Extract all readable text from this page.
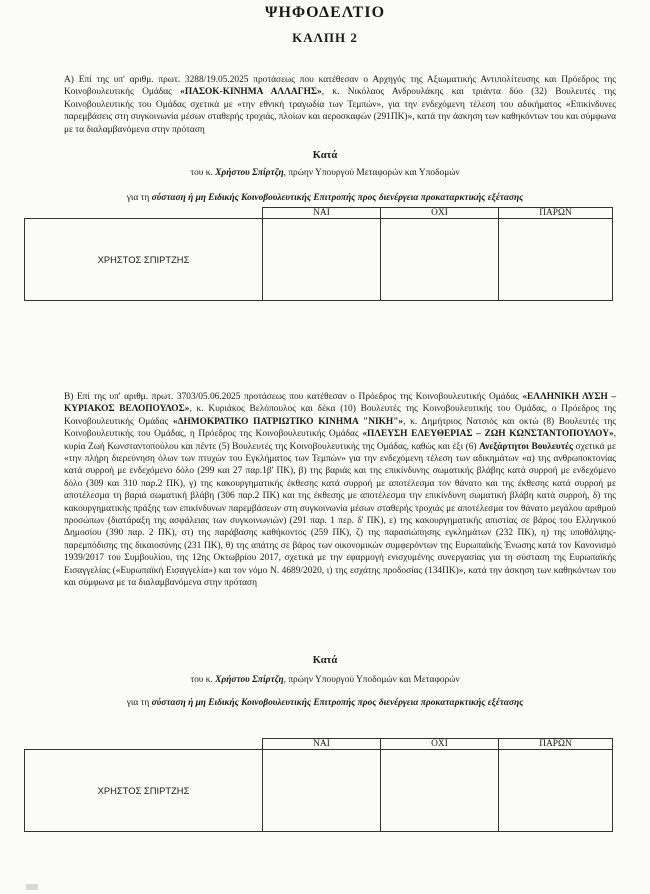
ΨΗΦΟΔΕΛΤΙΟ
ΚΑΛΠΗ 2

Α) Επί της υπ' αριθμ. πρωτ. 3288/19.05.2025 προτάσεως που κατέθεσαν ο Αρχηγός της Αξιωματικής Αντιπολίτευσης και Πρόεδρος της Κοινοβουλευτικής Ομάδας «ΠΑΣΟΚ-ΚΙΝΗΜΑ ΑΛΛΑΓΗΣ», κ. Νικόλαος Ανδρουλάκης και τριάντα δύο (32) Βουλευτές της Κοινοβουλευτικής του Ομάδας σχετικά με «την εθνική τραγωδία των Τεμπών», για την ενδεχόμενη τέλεση του αδικήματος «Επικίνδυνες παρεμβάσεις στη συγκοινωνία μέσων σταθερής τροχιάς, πλοίων και αεροσκαφών (291ΠΚ)», κατά την άσκηση των καθηκόντων του και σύμφωνα με τα διαλαμβανόμενα στην πρόταση

Κατά
του κ. Χρήστου Σπίρτζη, πρώην Υπουργού Μεταφορών και Υποδομών
για τη σύσταση ή μη Ειδικής Κοινοβουλευτικής Επιτροπής προς διενέργεια προκαταρκτικής εξέτασης
	ΝΑΙ	ΟΧΙ	ΠΑΡΩΝ
ΧΡΗΣΤΟΣ ΣΠΙΡΤΖΗΣ			

Β) Επί της υπ' αριθμ. πρωτ. 3703/05.06.2025 προτάσεως που κατέθεσαν ο Πρόεδρος της Κοινοβουλευτικής Ομάδας «ΕΛΛΗΝΙΚΗ ΛΥΣΗ – ΚΥΡΙΑΚΟΣ ΒΕΛΟΠΟΥΛΟΣ», κ. Κυριάκος Βελόπουλος και δέκα (10) Βουλευτές της Κοινοβουλευτικής του Ομάδας, ο Πρόεδρος της Κοινοβουλευτικής Ομάδας «ΔΗΜΟΚΡΑΤΙΚΟ ΠΑΤΡΙΩΤΙΚΟ ΚΙΝΗΜΑ "ΝΙΚΗ"», κ. Δημήτριος Νατσιός και οκτώ (8) Βουλευτές της Κοινοβουλευτικής του Ομάδας, η Πρόεδρος της Κοινοβουλευτικής Ομάδας «ΠΛΕΥΣΗ ΕΛΕΥΘΕΡΙΑΣ – ΖΩΗ ΚΩΝΣΤΑΝΤΟΠΟΥΛΟΥ», κυρία Ζωή Κωνσταντοπούλου και πέντε (5) Βουλευτές της Κοινοβουλευτικής της Ομάδας, καθώς και έξι (6) Ανεξάρτητοι Βουλευτές σχετικά με «την πλήρη διερεύνηση όλων των πτυχών του Εγκλήματος των Τεμπών» για την ενδεχόμενη τέλεση των αδικημάτων «α) της ανθρωποκτονίας κατά συρροή με ενδεχόμενο δόλο (299 και 27 παρ.1β' ΠΚ), β) της βαριάς και της επικίνδυνης σωματικής βλάβης κατά συρροή με ενδεχόμενο δόλο (309 και 310 παρ.2 ΠΚ), γ) της κακουργηματικής έκθεσης κατά συρροή με αποτέλεσμα τον θάνατο και της έκθεσης κατά συρροή με αποτέλεσμα τη βαριά σωματική βλάβη (306 παρ.2 ΠΚ) και της έκθεσης με αποτέλεσμα την επικίνδυνη σωματική βλάβη κατά συρροή, δ) της κακουργηματικής πράξης των επικίνδυνων παρεμβάσεων στη συγκοινωνία μέσων σταθερής τροχιάς με αποτέλεσμα τον θάνατο μεγάλου αριθμού προσώπων (διατάραξη της ασφάλειας των συγκοινωνιών) (291 παρ. 1 περ. δ' ΠΚ), ε) της κακουργηματικής απιστίας σε βάρος του Ελληνικού Δημοσίου (390 παρ. 2 ΠΚ), στ) της παράβασης καθήκοντος (259 ΠΚ), ζ) της παρασιώπησης εγκλημάτων (232 ΠΚ), η) της υποθάλψης-παρεμπόδισης της δικαιοσύνης (231 ΠΚ), θ) της απάτης σε βάρος των οικονομικών συμφερόντων της Ευρωπαϊκής Ένωσης κατά τον Κανονισμό 1939/2017 του Συμβουλίου, της 12ης Οκτωβρίου 2017, σχετικά με την εφαρμογή ενισχυμένης συνεργασίας για τη σύσταση της Ευρωπαϊκής Εισαγγελίας («Ευρωπαϊκή Εισαγγελία») και τον νόμο Ν. 4689/2020, ι) της εσχάτης προδοσίας (134ΠΚ)», κατά την άσκηση των καθηκόντων του και σύμφωνα με τα διαλαμβανόμενα στην πρόταση

Κατά
του κ. Χρήστου Σπίρτζη, πρώην Υπουργού Υποδομών και Μεταφορών
για τη σύσταση ή μη Ειδικής Κοινοβουλευτικής Επιτροπής προς διενέργεια προκαταρκτικής εξέτασης
	ΝΑΙ	ΟΧΙ	ΠΑΡΩΝ
ΧΡΗΣΤΟΣ ΣΠΙΡΤΖΗΣ			
